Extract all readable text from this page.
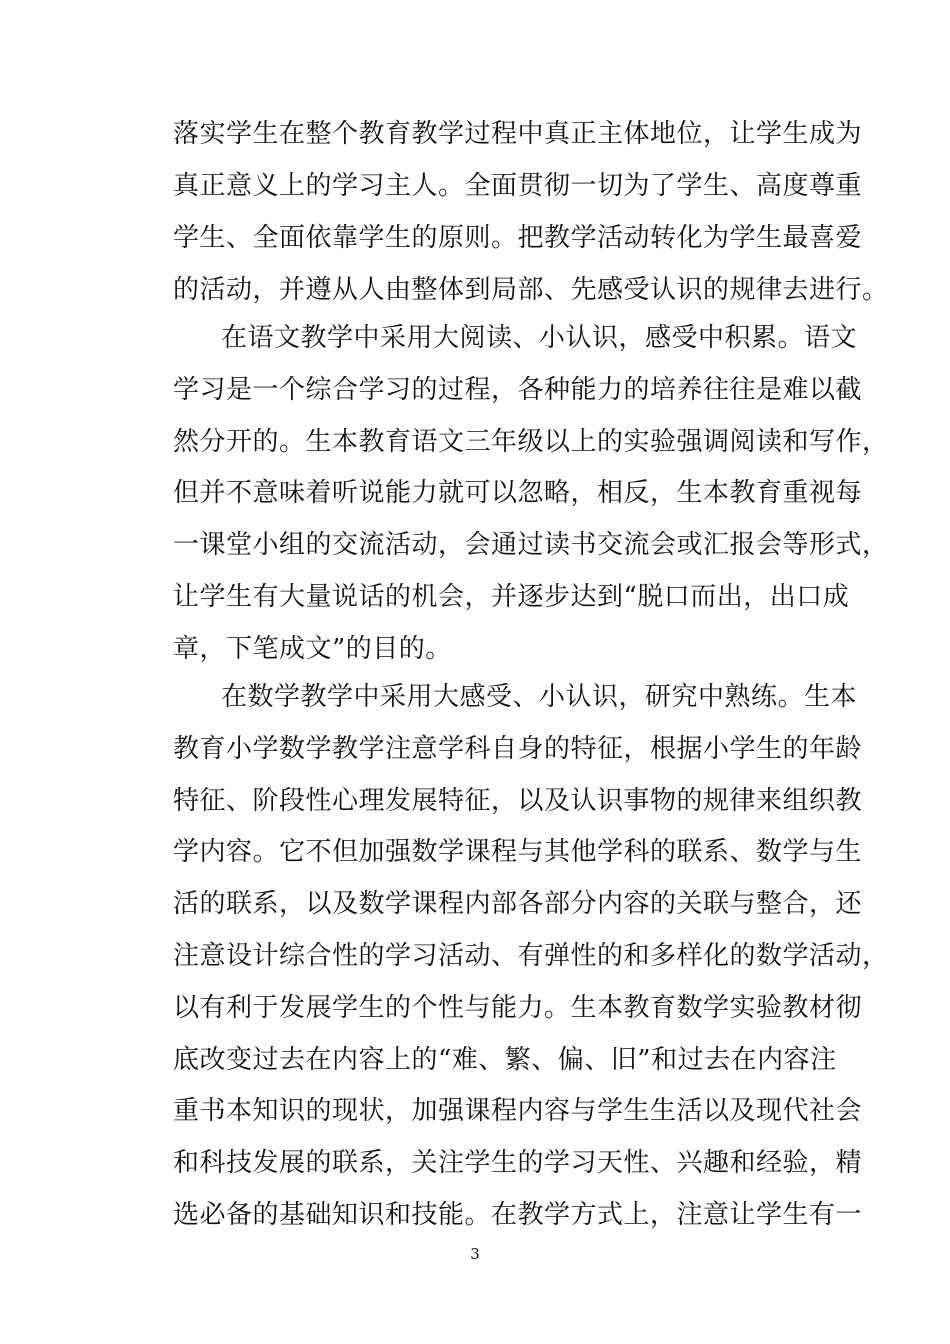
落实学生在整个教育教学过程中真正主体地位，让学生成为
真正意义上的学习主人。全面贯彻一切为了学生、高度尊重
学生、全面依靠学生的原则。把教学活动转化为学生最喜爱
的活动，并遵从人由整体到局部、先感受认识的规律去进行。
在语文教学中采用大阅读、小认识，感受中积累。语文
学习是一个综合学习的过程，各种能力的培养往往是难以截
然分开的。生本教育语文三年级以上的实验强调阅读和写作，
但并不意味着听说能力就可以忽略，相反，生本教育重视每
一课堂小组的交流活动，会通过读书交流会或汇报会等形式，
让学生有大量说话的机会，并逐步达到“脱口而出，出口成
章，下笔成文”的目的。
在数学教学中采用大感受、小认识，研究中熟练。生本
教育小学数学教学注意学科自身的特征，根据小学生的年龄
特征、阶段性心理发展特征，以及认识事物的规律来组织教
学内容。它不但加强数学课程与其他学科的联系、数学与生
活的联系，以及数学课程内部各部分内容的关联与整合，还
注意设计综合性的学习活动、有弹性的和多样化的数学活动，
以有利于发展学生的个性与能力。生本教育数学实验教材彻
底改变过去在内容上的“难、繁、偏、旧”和过去在内容注
重书本知识的现状，加强课程内容与学生生活以及现代社会
和科技发展的联系，关注学生的学习天性、兴趣和经验，精
选必备的基础知识和技能。在教学方式上，注意让学生有一
3
